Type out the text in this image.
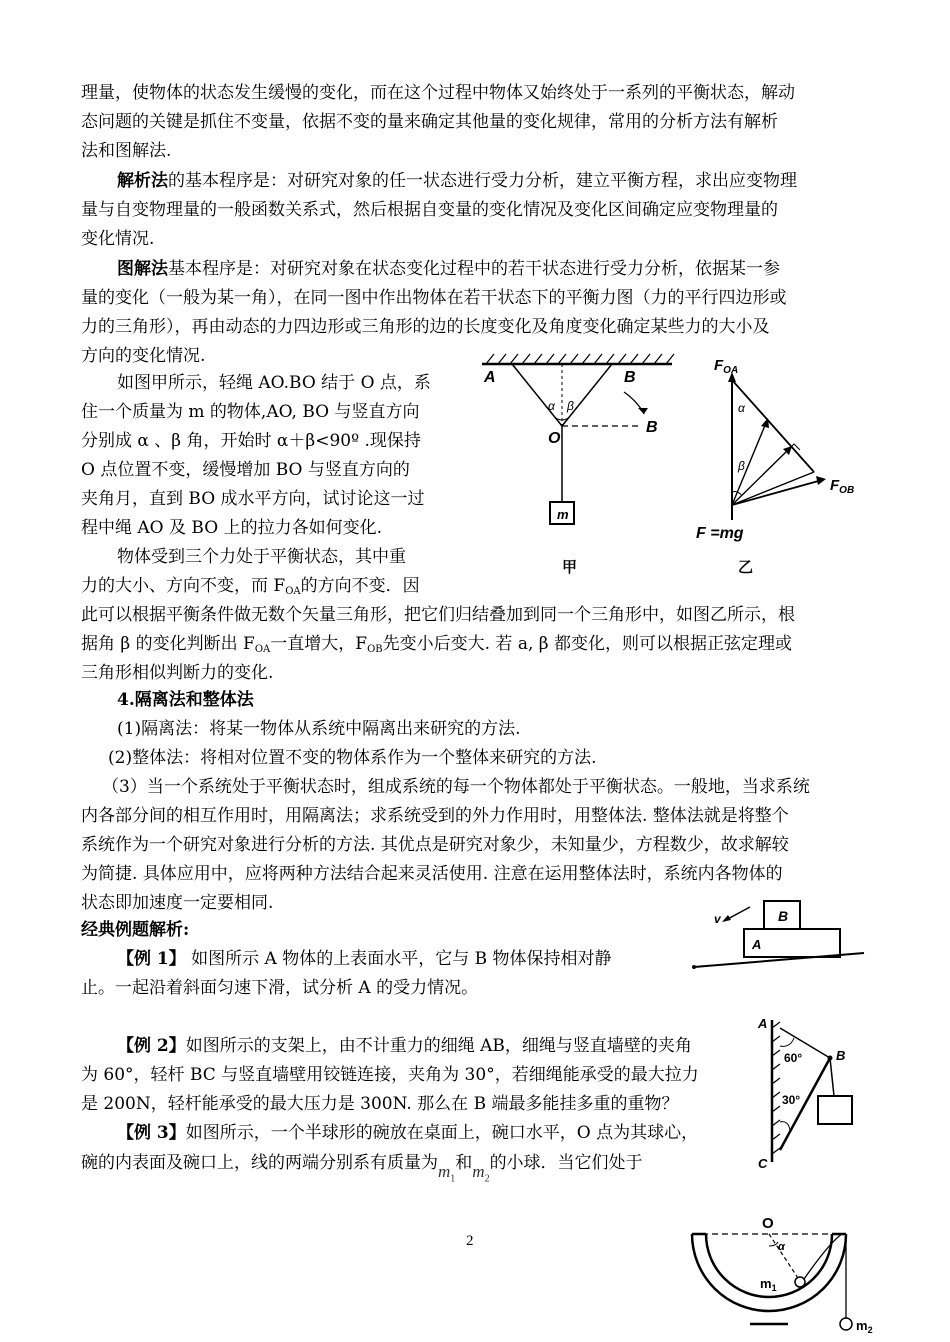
理量，使物体的状态发生缓慢的变化，而在这个过程中物体又始终处于一系列的平衡状态，解动
态问题的关键是抓住不变量，依据不变的量来确定其他量的变化规律，常用的分析方法有解析
法和图解法.
解析法的基本程序是：对研究对象的任一状态进行受力分析，建立平衡方程，求出应变物理
量与自变物理量的一般函数关系式，然后根据自变量的变化情况及变化区间确定应变物理量的
变化情况.
图解法基本程序是：对研究对象在状态变化过程中的若干状态进行受力分析，依据某一参
量的变化（一般为某一角），在同一图中作出物体在若干状态下的平衡力图（力的平行四边形或
力的三角形），再由动态的力四边形或三角形的边的长度变化及角度变化确定某些力的大小及
方向的变化情况.
如图甲所示，轻绳 AO.BO 结于 O 点，系
住一个质量为 m 的物体,AO, BO 与竖直方向
分别成 α 、β 角，开始时 α＋β<90º .现保持
O 点位置不变，缓慢增加 BO 与竖直方向的
夹角月，直到 BO 成水平方向，试讨论这一过
程中绳 AO 及 BO 上的拉力各如何变化.
物体受到三个力处于平衡状态，其中重
力的大小、方向不变，而 $F_{OA}$的方向不变．因
此可以根据平衡条件做无数个矢量三角形，把它们归结叠加到同一个三角形中，如图乙所示，根
据角 β 的变化判断出 $F_{OA}$一直增大，$F_{OB}$先变小后变大. 若 a, β 都变化，则可以根据正弦定理或
三角形相似判断力的变化.
4.隔离法和整体法
(1)隔离法：将某一物体从系统中隔离出来研究的方法.
(2)整体法：将相对位置不变的物体系作为一个整体来研究的方法.
（3）当一个系统处于平衡状态时，组成系统的每一个物体都处于平衡状态。一般地，当求系统
内各部分间的相互作用时，用隔离法；求系统受到的外力作用时，用整体法. 整体法就是将整个
系统作为一个研究对象进行分析的方法. 其优点是研究对象少，未知量少，方程数少，故求解较
为简捷. 具体应用中，应将两种方法结合起来灵活使用. 注意在运用整体法时，系统内各物体的
状态即加速度一定要相同.
经典例题解析:
【例 1】 如图所示 A 物体的上表面水平，它与 B 物体保持相对静
止。一起沿着斜面匀速下滑，试分析 A 的受力情况。
【例 2】如图所示的支架上，由不计重力的细绳 AB，细绳与竖直墙壁的夹角
为 60°，轻杆 BC 与竖直墙壁用铰链连接，夹角为 30°，若细绳能承受的最大拉力
是 200N，轻杆能承受的最大压力是 300N. 那么在 B 端最多能挂多重的重物？
【例 3】如图所示，一个半球形的碗放在桌面上，碗口水平，O 点为其球心，
碗的内表面及碗口上，线的两端分别系有质量为$m_1$和$m_2$的小球．当它们处于
2
A	B
B
O
α β
m
甲
$F_{OA}$
$F_{OB}$
α
β
F =mg
乙
v
A
B
A
B
C
60°
30°
O
α
$m_1$
$m_2$
